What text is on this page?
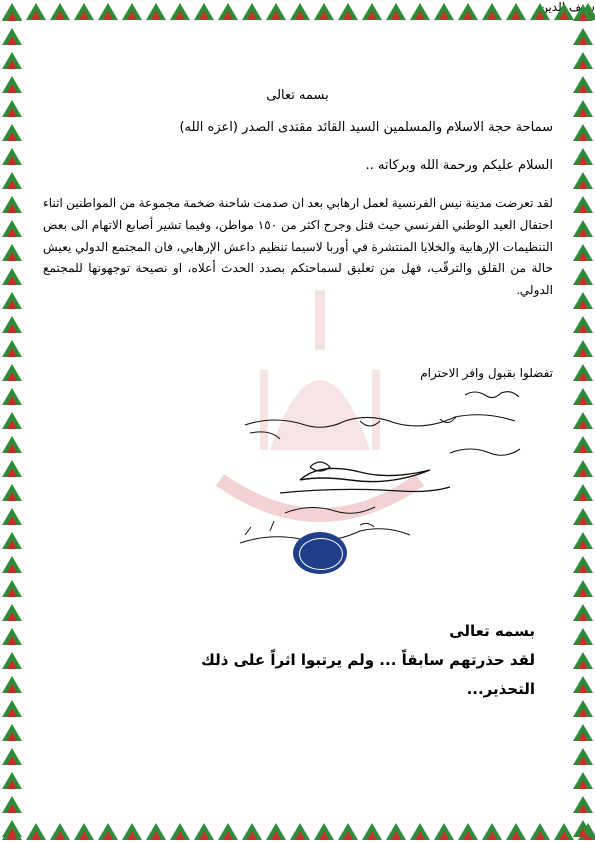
بسمه تعالى
سماحة حجة الاسلام والمسلمين السيد القائد مقتدى الصدر (اعزه الله)
السلام عليكم ورحمة الله وبركاته ..
لقد تعرضت مدينة نيس الفرنسية لعمل ارهابي بعد ان صدمت شاحنة ضخمة مجموعة من المواطنين اثناء احتفال العيد الوطني الفرنسي حيث قتل وجرح اكثر من ١٥٠ مواطن، وفيما تشير أصابع الاتهام الى بعض التنظيمات الإرهابية والخلايا المنتشرة في أوربا لاسيما تنظيم داعش الإرهابي، فان المجتمع الدولي يعيش حالة من القلق والترقّب، فهل من تعليق لسماحتكم بصدد الحدث أعلاه، او نصيحة توجهونها للمجتمع الدولي.
تفضلوا بقبول وافر الاحترام
بسمه تعالى
لقد حذرتهم سابقاً ... ولم يرتبوا اثراً على ذلك
التحذير...
